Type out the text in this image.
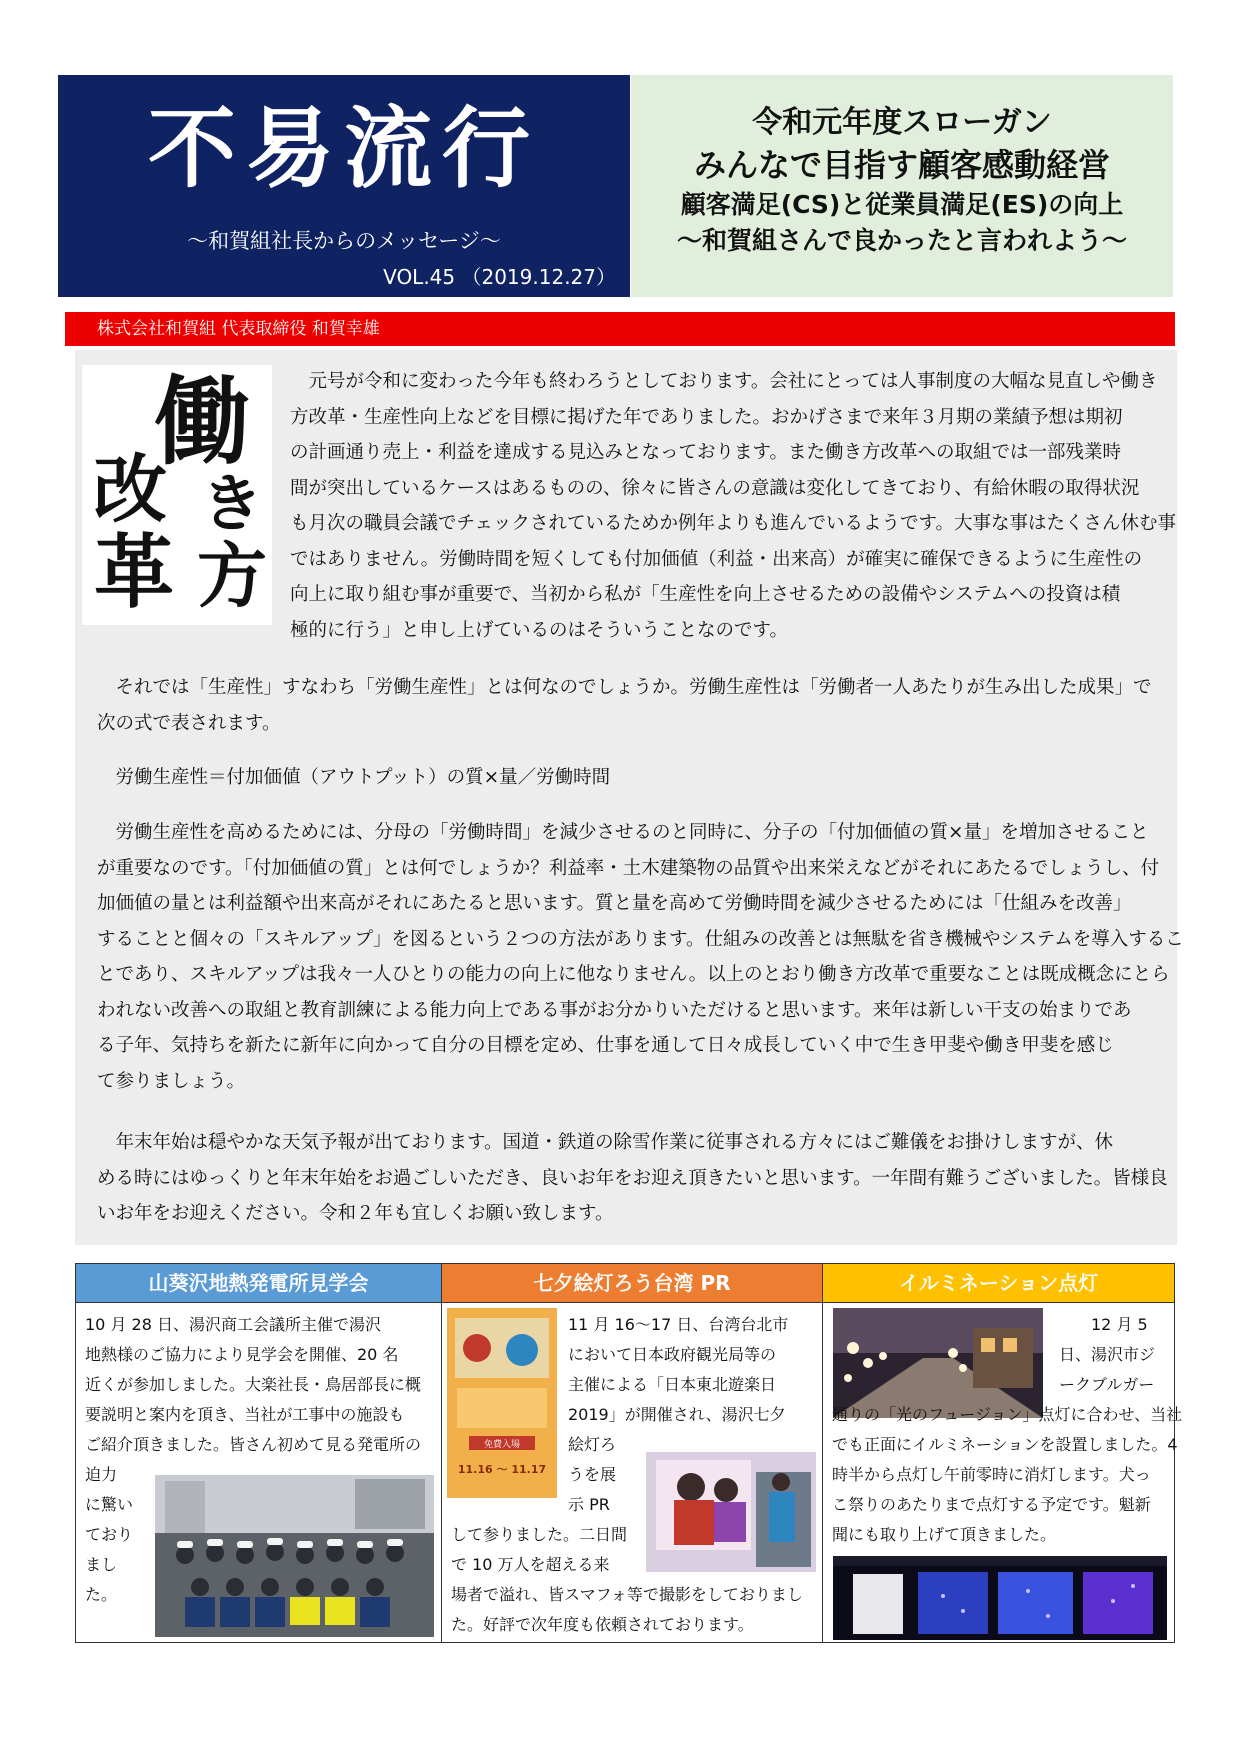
不易流行
～和賀組社長からのメッセージ～
VOL.45 （2019.12.27）
令和元年度スローガン
みんなで目指す顧客感動経営
顧客満足(CS)と従業員満足(ES)の向上
～和賀組さんで良かったと言われよう～
株式会社和賀組 代表取締役 和賀幸雄
働
き
方
改
革
元号が令和に変わった今年も終わろうとしております。会社にとっては人事制度の大幅な見直しや働き
方改革・生産性向上などを目標に掲げた年でありました。おかげさまで来年３月期の業績予想は期初
の計画通り売上・利益を達成する見込みとなっております。また働き方改革への取組では一部残業時
間が突出しているケースはあるものの、徐々に皆さんの意識は変化してきており、有給休暇の取得状況
も月次の職員会議でチェックされているためか例年よりも進んでいるようです。大事な事はたくさん休む事
ではありません。労働時間を短くしても付加価値（利益・出来高）が確実に確保できるように生産性の
向上に取り組む事が重要で、当初から私が「生産性を向上させるための設備やシステムへの投資は積
極的に行う」と申し上げているのはそういうことなのです。
それでは「生産性」すなわち「労働生産性」とは何なのでしょうか。労働生産性は「労働者一人あたりが生み出した成果」で
次の式で表されます。
労働生産性＝付加価値（アウトプット）の質×量／労働時間
労働生産性を高めるためには、分母の「労働時間」を減少させるのと同時に、分子の「付加価値の質×量」を増加させること
が重要なのです。「付加価値の質」とは何でしょうか？利益率・土木建築物の品質や出来栄えなどがそれにあたるでしょうし、付
加価値の量とは利益額や出来高がそれにあたると思います。質と量を高めて労働時間を減少させるためには「仕組みを改善」
することと個々の「スキルアップ」を図るという２つの方法があります。仕組みの改善とは無駄を省き機械やシステムを導入するこ
とであり、スキルアップは我々一人ひとりの能力の向上に他なりません。以上のとおり働き方改革で重要なことは既成概念にとら
われない改善への取組と教育訓練による能力向上である事がお分かりいただけると思います。来年は新しい干支の始まりであ
る子年、気持ちを新たに新年に向かって自分の目標を定め、仕事を通して日々成長していく中で生き甲斐や働き甲斐を感じ
て参りましょう。
年末年始は穏やかな天気予報が出ております。国道・鉄道の除雪作業に従事される方々にはご難儀をお掛けしますが、休
める時にはゆっくりと年末年始をお過ごしいただき、良いお年をお迎え頂きたいと思います。一年間有難うございました。皆様良
いお年をお迎えください。令和２年も宜しくお願い致します。
山葵沢地熱発電所見学会
10 月 28 日、湯沢商工会議所主催で湯沢
地熱様のご協力により見学会を開催、20 名
近くが参加しました。大楽社長・鳥居部長に概
要説明と案内を頂き、当社が工事中の施設も
ご紹介頂きました。皆さん初めて見る発電所の
迫力
に驚い
ており
まし
た。
七夕絵灯ろう台湾 PR
免費入場
11.16 ～ 11.17
11 月 16～17 日、台湾台北市
において日本政府観光局等の
主催による「日本東北遊楽日
2019」が開催され、湯沢七夕
絵灯ろ
うを展
示 PR
して参りました。二日間
で 10 万人を超える来
場者で溢れ、皆スマフォ等で撮影をしておりまし
た。好評で次年度も依頼されております。
イルミネーション点灯
12 月 5
日、湯沢市ジ
ークブルガー
通りの「光のフュージョン」点灯に合わせ、当社
でも正面にイルミネーションを設置しました。4
時半から点灯し午前零時に消灯します。犬っ
こ祭りのあたりまで点灯する予定です。魁新
聞にも取り上げて頂きました。
